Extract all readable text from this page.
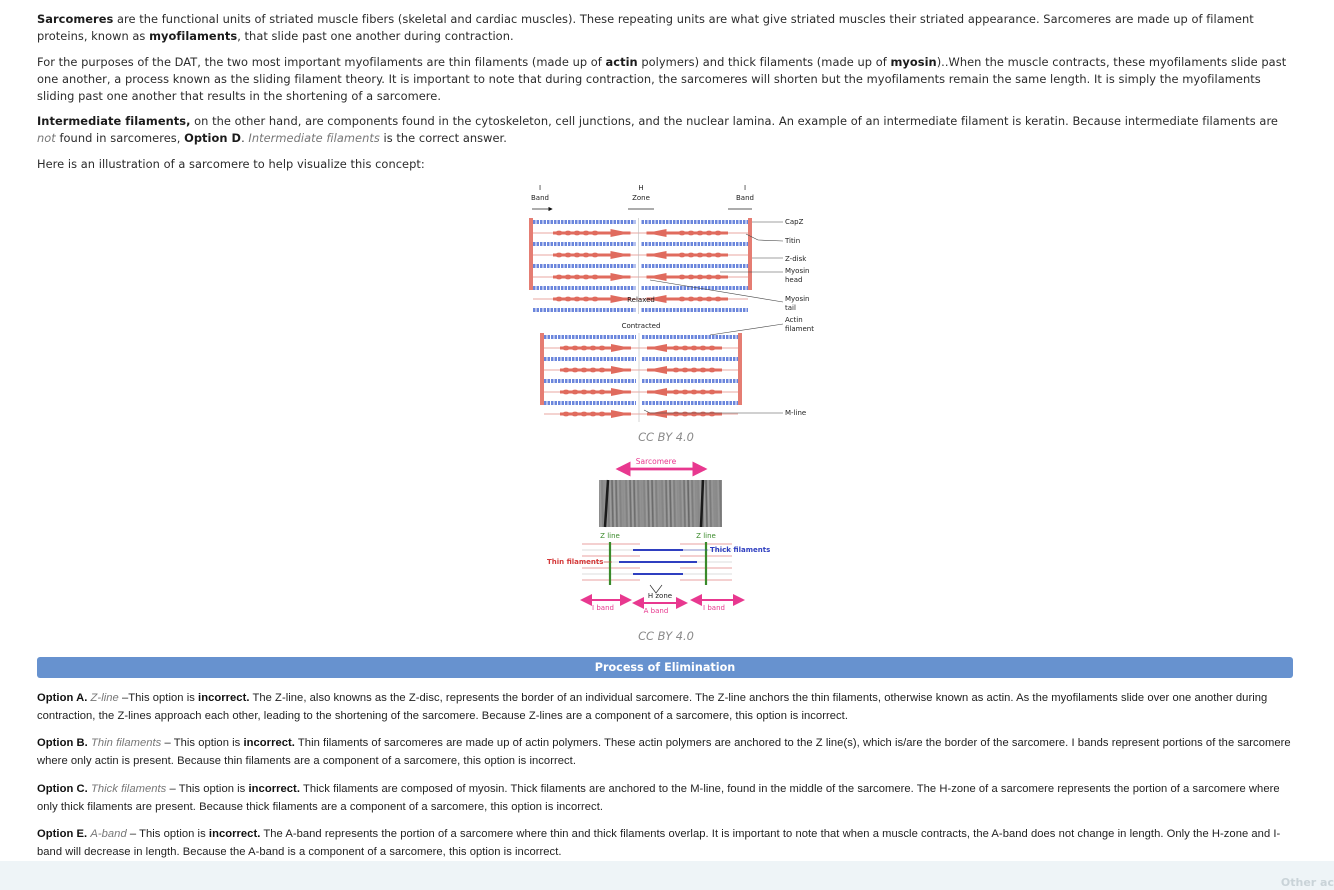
Sarcomeres are the functional units of striated muscle fibers (skeletal and cardiac muscles). These repeating units are what give striated muscles their striated appearance. Sarcomeres are made up of filament proteins, known as myofilaments, that slide past one another during contraction.

For the purposes of the DAT, the two most important myofilaments are thin filaments (made up of actin polymers) and thick filaments (made up of myosin)..When the muscle contracts, these myofilaments slide past one another, a process known as the sliding filament theory. It is important to note that during contraction, the sarcomeres will shorten but the myofilaments remain the same length. It is simply the myofilaments sliding past one another that results in the shortening of a sarcomere.

Intermediate filaments, on the other hand, are components found in the cytoskeleton, cell junctions, and the nuclear lamina. An example of an intermediate filament is keratin. Because intermediate filaments are not found in sarcomeres, Option D. Intermediate filaments is the correct answer.

Here is an illustration of a sarcomere to help visualize this concept:

CC BY 4.0
CC BY 4.0
Process of Elimination

Option A. Z-line –This option is incorrect. The Z-line, also knowns as the Z-disc, represents the border of an individual sarcomere. The Z-line anchors the thin filaments, otherwise known as actin. As the myofilaments slide over one another during contraction, the Z-lines approach each other, leading to the shortening of the sarcomere. Because Z-lines are a component of a sarcomere, this option is incorrect.

Option B. Thin filaments – This option is incorrect. Thin filaments of sarcomeres are made up of actin polymers. These actin polymers are anchored to the Z line(s), which is/are the border of the sarcomere. I bands represent portions of the sarcomere where only actin is present. Because thin filaments are a component of a sarcomere, this option is incorrect.

Option C. Thick filaments – This option is incorrect. Thick filaments are composed of myosin. Thick filaments are anchored to the M-line, found in the middle of the sarcomere. The H-zone of a sarcomere represents the portion of a sarcomere where only thick filaments are present. Because thick filaments are a component of a sarcomere, this option is incorrect.

Option E. A-band – This option is incorrect. The A-band represents the portion of a sarcomere where thin and thick filaments overlap. It is important to note that when a muscle contracts, the A-band does not change in length. Only the H-zone and I-band will decrease in length. Because the A-band is a component of a sarcomere, this option is incorrect.

I
Band
H
Zone
I
Band
Relaxed
Contracted
CapZ
Titin
Z-disk
Myosin
head
Myosin
tail
Actin
filament
M-line
Sarcomere
Z line	Z line
Thick filaments
Thin filaments
H zone
I band	A band	I band
Other ac
